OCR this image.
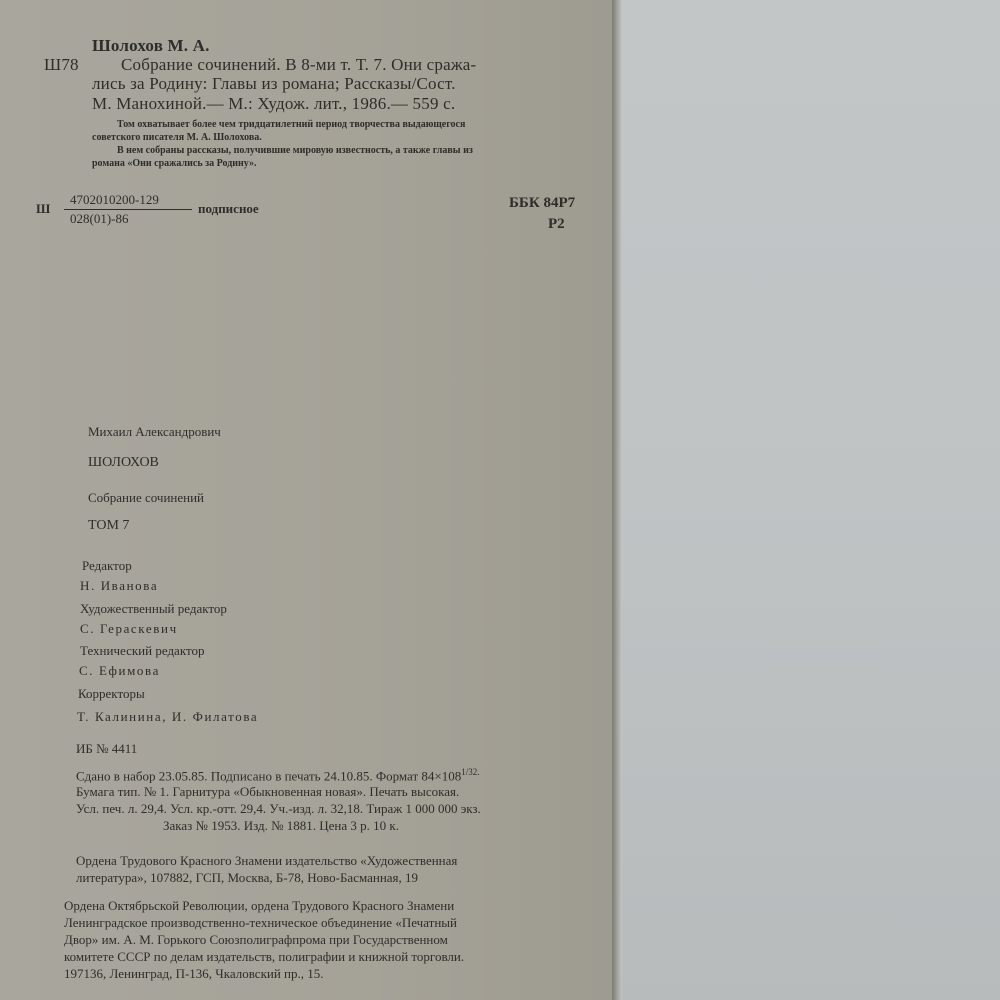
Шолохов М. А.

Ш78 Собрание сочинений. В 8-ми т. Т. 7. Они сража-

лись за Родину: Главы из романа; Рассказы/Сост.

М. Манохиной.— М.: Худож. лит., 1986.— 559 с.

Том охватывает более чем тридцатилетний период творчества выдающегося

советского писателя М. А. Шолохова.

В нем собраны рассказы, получившие мировую известность, а также главы из

романа «Они сражались за Родину».

Ш

4702010200-129

028(01)-86

подписное	ББК 84Р7

Р2

Михаил Александрович

ШОЛОХОВ

Собрание сочинений

ТОМ 7

Редактор

Н. Иванова

Художественный редактор

С. Гераскевич

Технический редактор

С. Ефимова

Корректоры

Т. Калинина, И. Филатова

ИБ № 4411

Сдано в набор 23.05.85. Подписано в печать 24.10.85. Формат $84\times 108^{1/32.}$

Бумага тип. № 1. Гарнитура «Обыкновенная новая». Печать высокая.

Усл. печ. л. 29,4. Усл. кр.-отт. 29,4. Уч.-изд. л. 32,18. Тираж 1 000 000 экз.

Заказ № 1953. Изд. № 1881. Цена 3 р. 10 к.

Ордена Трудового Красного Знамени издательство «Художественная

литература», 107882, ГСП, Москва, Б-78, Ново-Басманная, 19

Ордена Октябрьской Революции, ордена Трудового Красного Знамени

Ленинградское производственно-техническое объединение «Печатный

Двор» им. А. М. Горького Союзполиграфпрома при Государственном

комитете СССР по делам издательств, полиграфии и книжной торговли.

197136, Ленинград, П-136, Чкаловский пр., 15.
